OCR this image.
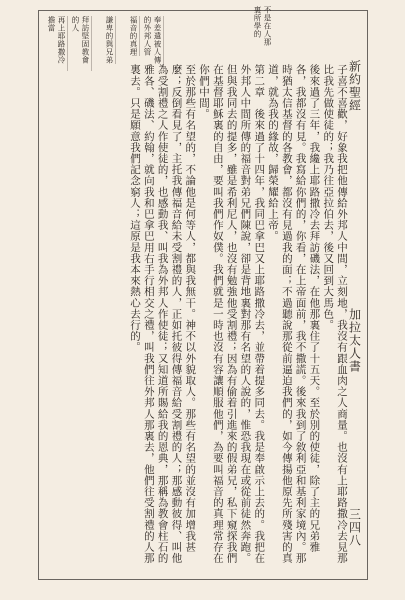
不是在人那裏所學的
新約聖經
加拉太人書
三四八
奉差遣被人傳的外邦人管
福音的真理
謙卑的與兄弟
拜訪堅固教會的人
再上耶路撒冷擔當

子喜不喜歡，好象我把他傳給外邦人中間，立刻地，我沒有跟血肉之人商量。也沒有上耶路撒冷去見那比我先做使徒的；我乃往亞拉伯去，後又回到大馬色。

後來過了三年，我纔上耶路撒冷去拜訪磯法，在他那裏住了十五天。至於別的使徒，除了主的兄弟雅各，我都沒有見。我寫給你們的，你看，在上帝面前，我不撒謊。後來我到了敘利亞和基利家境內。那時猶太信基督的各教會，都沒有見過我的面；不過聽說那從前逼迫我們的，如今傳揚他原先所殘害的真道，就為我的緣故，歸榮耀給上帝。

第二章　後來過了十四年，我同巴拿巴又上耶路撒冷去，並帶着提多同去。我是奉啟示上去的。我把在外邦人中間所傳的福音對弟兄們陳說，卻是背地裏對那有名望的人說的，惟恐我現在或從前徒然奔跑。但與我同去的提多，雖是希利尼人，也沒有勉強他受割禮；因為有偷着引進來的假弟兄，私下窺探我們在基督耶穌裏的自由，要叫我們作奴僕。我們就是一時也沒有容讓順服他們，為要叫福音的真理常存在你們中間。

至於那些有名望的，不論他是何等人，都與我無干。神不以外貌取人。那些有名望的並沒有加增我甚麼；反倒看見了，主托我傳福音給未受割禮的人，正如托彼得傳福音給受割禮的人；那感動彼得、叫他為受割禮之人作使徒的，也感動我、叫我為外邦人作使徒；又知道所賜給我的恩典，那稱為教會柱石的雅各、磯法、約翰，就向我和巴拿巴用右手行相交之禮，叫我們往外邦人那裏去，他們往受割禮的人那裏去。只是願意我們記念窮人；這原是我本來熱心去行的。
